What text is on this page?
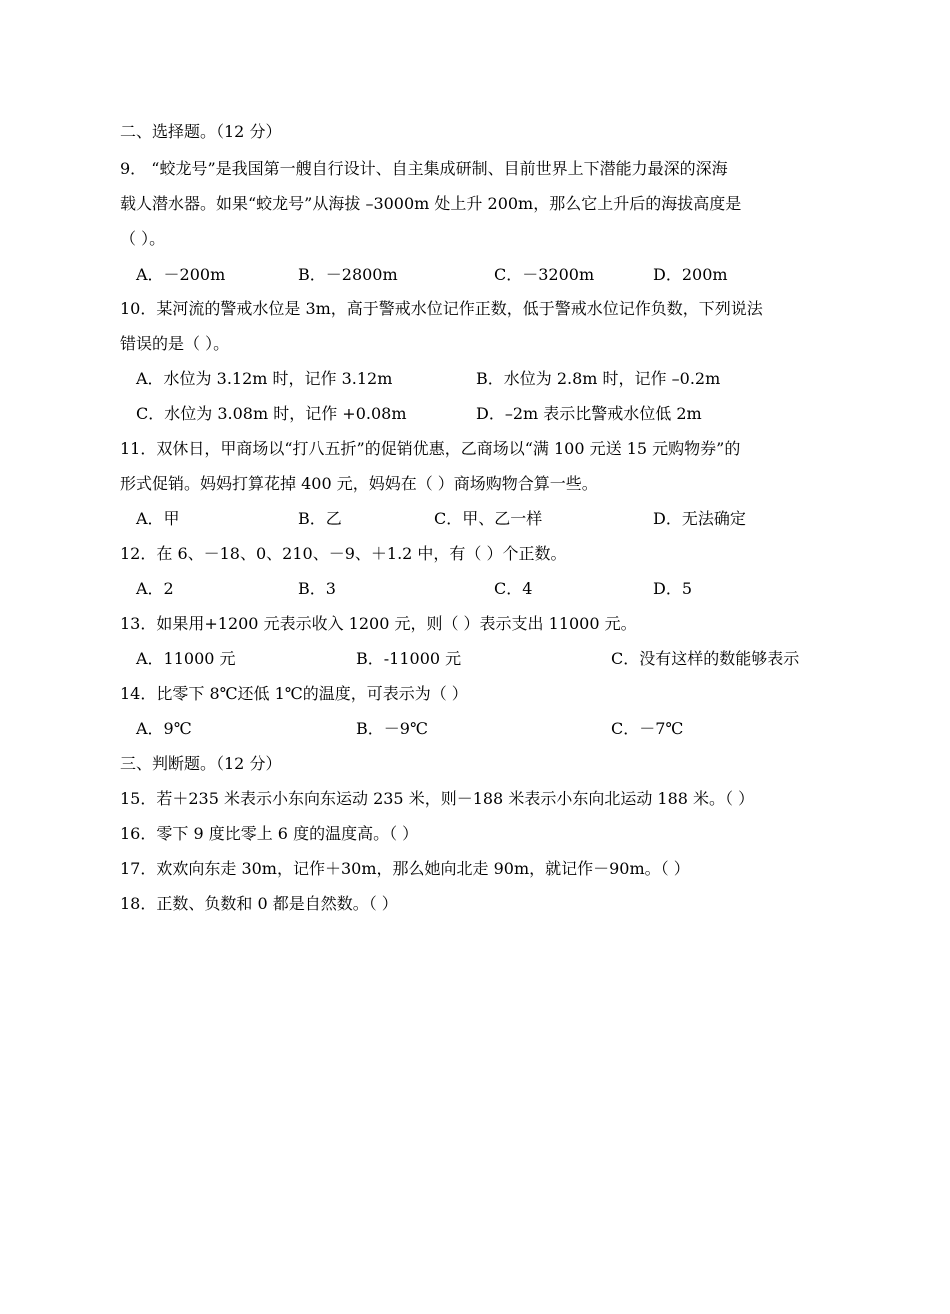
二、选择题。（12 分）
9． “蛟龙号”是我国第一艘自行设计、自主集成研制、目前世界上下潜能力最深的深海
载人潜水器。如果“蛟龙号”从海拔 –3000m 处上升 200m，那么它上升后的海拔高度是
（ ）。
A．－200m	B．－2800m	C．－3200m	D．200m
10．某河流的警戒水位是 3m，高于警戒水位记作正数，低于警戒水位记作负数，下列说法
错误的是（ ）。
A．水位为 3.12m 时，记作 3.12m	B．水位为 2.8m 时，记作 –0.2m
C．水位为 3.08m 时，记作 +0.08m	D．–2m 表示比警戒水位低 2m
11．双休日，甲商场以“打八五折”的促销优惠，乙商场以“满 100 元送 15 元购物券”的
形式促销。妈妈打算花掉 400 元，妈妈在（ ）商场购物合算一些。
A．甲	B．乙	C．甲、乙一样	D．无法确定
12．在 6、－18、0、210、－9、＋1.2 中，有（ ）个正数。
A．2	B．3	C．4	D．5
13．如果用+1200 元表示收入 1200 元，则（ ）表示支出 11000 元。
A．11000 元	B．-11000 元	C．没有这样的数能够表示
14．比零下 8℃还低 1℃的温度，可表示为（ ）
A．9℃	B．－9℃	C．－7℃
三、判断题。（12 分）
15．若＋235 米表示小东向东运动 235 米，则－188 米表示小东向北运动 188 米。（ ）
16．零下 9 度比零上 6 度的温度高。（ ）
17．欢欢向东走 30m，记作＋30m，那么她向北走 90m，就记作－90m。（ ）
18．正数、负数和 0 都是自然数。（ ）
